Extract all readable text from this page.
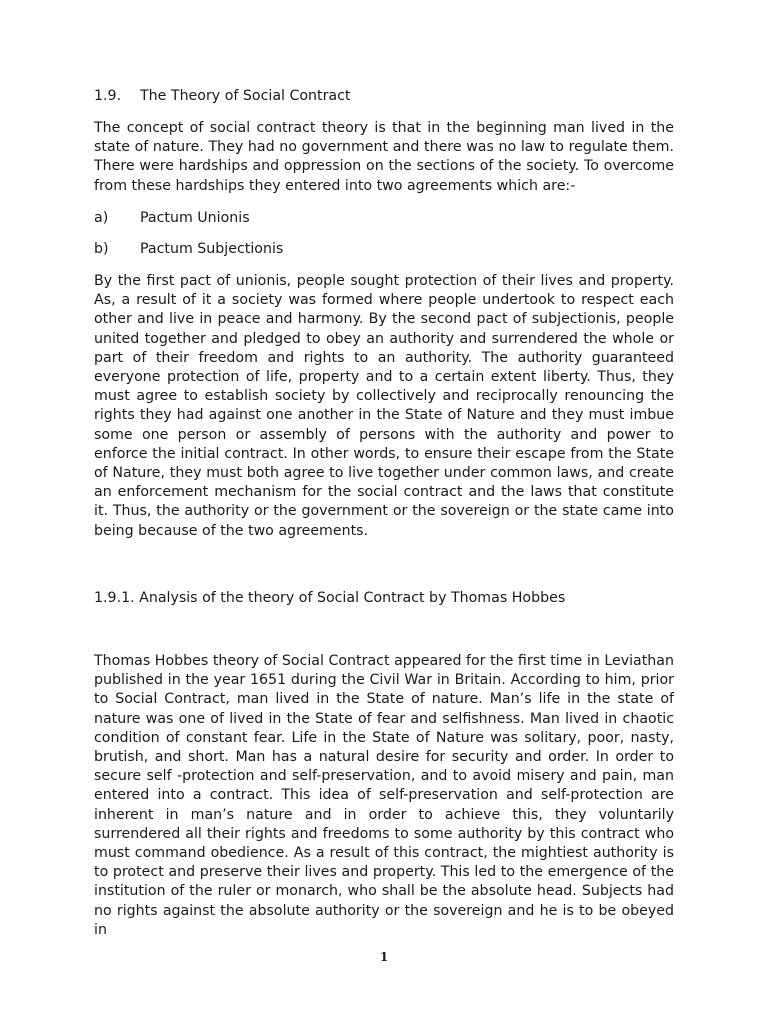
1.9. The Theory of Social Contract

The concept of social contract theory is that in the beginning man lived in the state of nature. They had no government and there was no law to regulate them. There were hardships and oppression on the sections of the society. To overcome from these hardships they entered into two agreements which are:-

a) Pactum Unionis
b) Pactum Subjectionis

By the first pact of unionis, people sought protection of their lives and property. As, a result of it a society was formed where people undertook to respect each other and live in peace and harmony. By the second pact of subjectionis, people united together and pledged to obey an authority and surrendered the whole or part of their freedom and rights to an authority. The authority guaranteed everyone protection of life, property and to a certain extent liberty. Thus, they must agree to establish society by collectively and reciprocally renouncing the rights they had against one another in the State of Nature and they must imbue some one person or assembly of persons with the authority and power to enforce the initial contract. In other words, to ensure their escape from the State of Nature, they must both agree to live together under common laws, and create an enforcement mechanism for the social contract and the laws that constitute it. Thus, the authority or the government or the sovereign or the state came into being because of the two agreements.

1.9.1. Analysis of the theory of Social Contract by Thomas Hobbes

Thomas Hobbes theory of Social Contract appeared for the first time in Leviathan published in the year 1651 during the Civil War in Britain. According to him, prior to Social Contract, man lived in the State of nature. Man’s life in the state of nature was one of lived in the State of fear and selfishness. Man lived in chaotic condition of constant fear. Life in the State of Nature was solitary, poor, nasty, brutish, and short. Man has a natural desire for security and order. In order to secure self -protection and self-preservation, and to avoid misery and pain, man entered into a contract. This idea of self-preservation and self-protection are inherent in man’s nature and in order to achieve this, they voluntarily surrendered all their rights and freedoms to some authority by this contract who must command obedience. As a result of this contract, the mightiest authority is to protect and preserve their lives and property. This led to the emergence of the institution of the ruler or monarch, who shall be the absolute head. Subjects had no rights against the absolute authority or the sovereign and he is to be obeyed in

1
